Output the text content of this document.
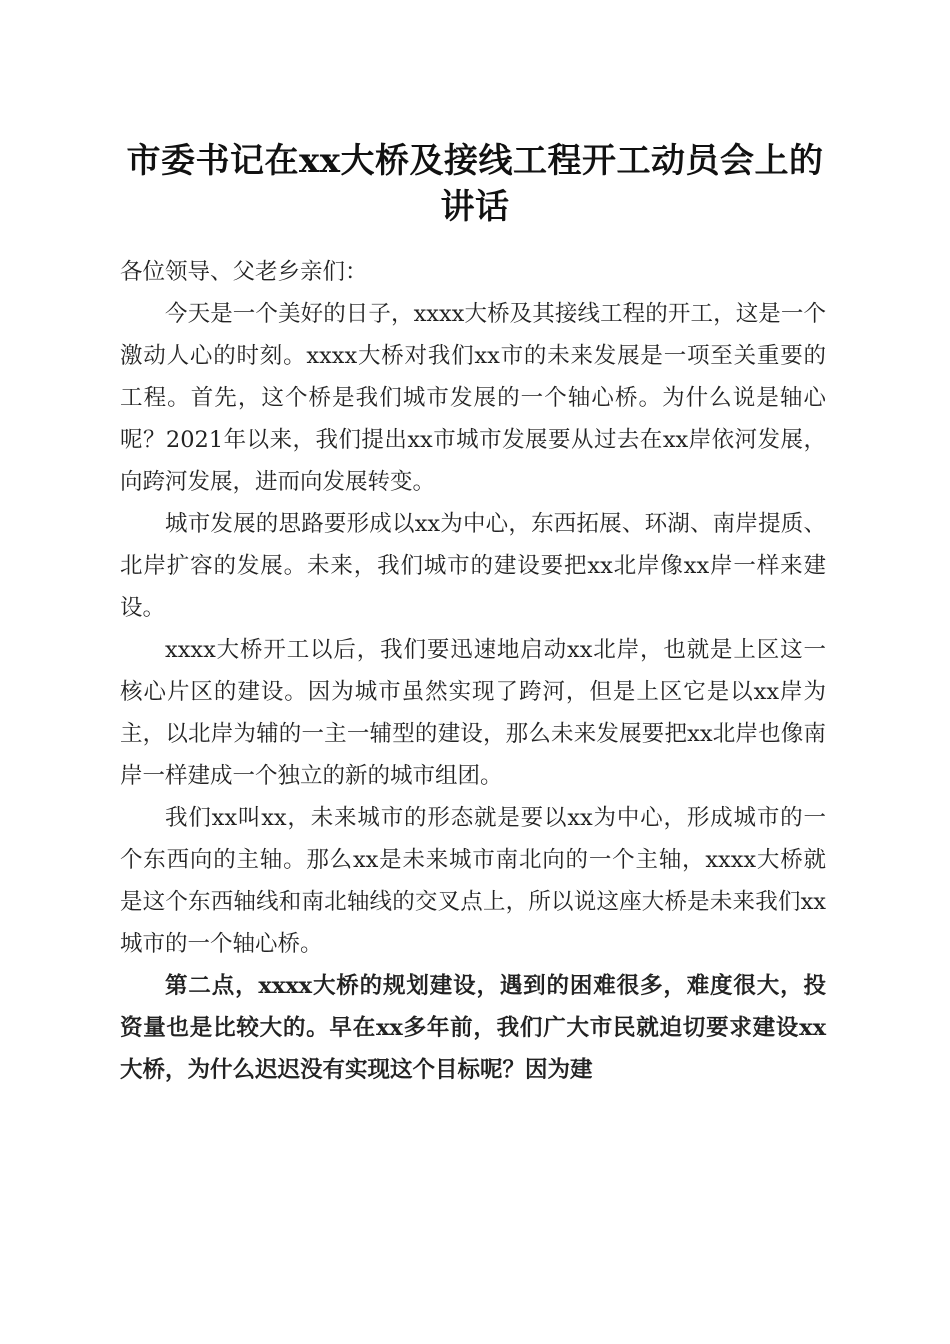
市委书记在xx大桥及接线工程开工动员会上的讲话

各位领导、父老乡亲们：

今天是一个美好的日子，xxxx大桥及其接线工程的开工，这是一个激动人心的时刻。xxxx大桥对我们xx市的未来发展是一项至关重要的工程。首先，这个桥是我们城市发展的一个轴心桥。为什么说是轴心呢？2021年以来，我们提出xx市城市发展要从过去在xx岸依河发展，向跨河发展，进而向发展转变。

城市发展的思路要形成以xx为中心，东西拓展、环湖、南岸提质、北岸扩容的发展。未来，我们城市的建设要把xx北岸像xx岸一样来建设。

xxxx大桥开工以后，我们要迅速地启动xx北岸，也就是上区这一核心片区的建设。因为城市虽然实现了跨河，但是上区它是以xx岸为主，以北岸为辅的一主一辅型的建设，那么未来发展要把xx北岸也像南岸一样建成一个独立的新的城市组团。

我们xx叫xx，未来城市的形态就是要以xx为中心，形成城市的一个东西向的主轴。那么xx是未来城市南北向的一个主轴，xxxx大桥就是这个东西轴线和南北轴线的交叉点上，所以说这座大桥是未来我们xx城市的一个轴心桥。

第二点，xxxx大桥的规划建设，遇到的困难很多，难度很大，投资量也是比较大的。早在xx多年前，我们广大市民就迫切要求建设xx大桥，为什么迟迟没有实现这个目标呢？因为建
